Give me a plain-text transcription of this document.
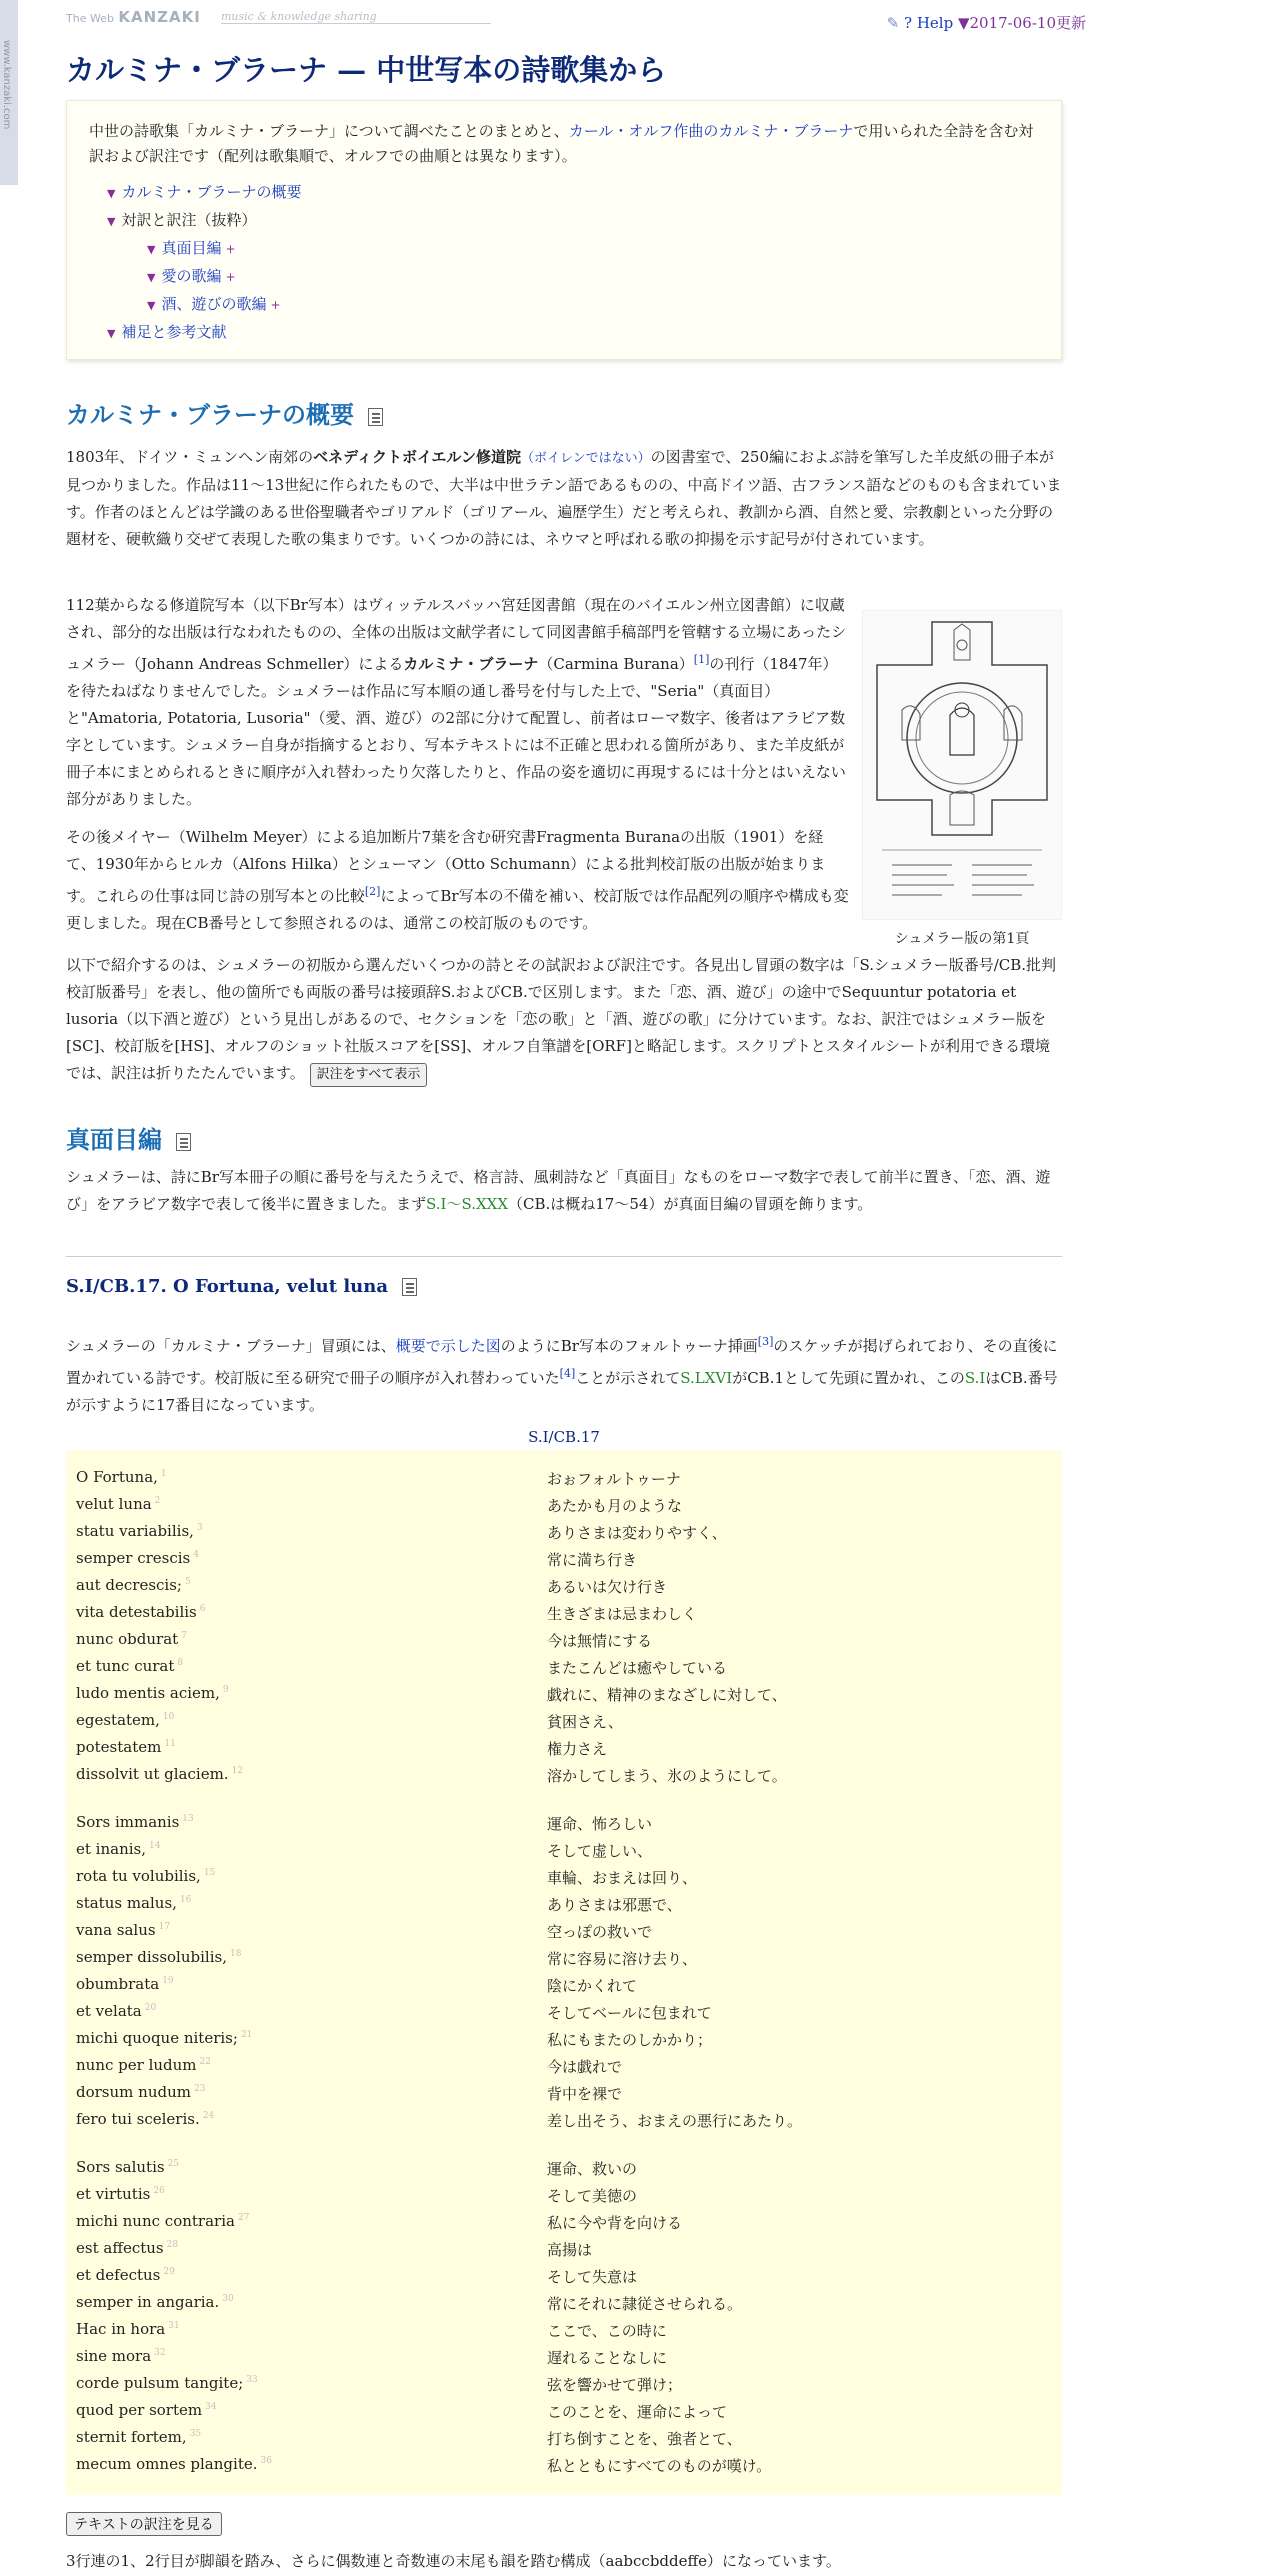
www.kanzaki.com
The Web KANZAKI music & knowledge sharing	✎ ? Help ▼2017-06-10更新
カルミナ・ブラーナ — 中世写本の詩歌集から

中世の詩歌集「カルミナ・ブラーナ」について調べたことのまとめと、カール・オルフ作曲のカルミナ・ブラーナで用いられた全詩を含む対訳および訳注です（配列は歌集順で、オルフでの曲順とは異なります）。

▼ カルミナ・ブラーナの概要
▼ 対訳と訳注（抜粋）
▼ 真面目編 +
▼ 愛の歌編 +
▼ 酒、遊びの歌編 +
▼ 補足と参考文献
カルミナ・ブラーナの概要

1803年、ドイツ・ミュンヘン南郊のベネディクトボイエルン修道院（ボイレンではない）の図書室で、250編におよぶ詩を筆写した羊皮紙の冊子本が見つかりました。作品は11～13世紀に作られたもので、大半は中世ラテン語であるものの、中高ドイツ語、古フランス語などのものも含まれています。作者のほとんどは学識のある世俗聖職者やゴリアルド（ゴリアール、遍歴学生）だと考えられ、教訓から酒、自然と愛、宗教劇といった分野の題材を、硬軟織り交ぜて表現した歌の集まりです。いくつかの詩には、ネウマと呼ばれる歌の抑揚を示す記号が付されています。

112葉からなる修道院写本（以下Br写本）はヴィッテルスバッハ宮廷図書館（現在のバイエルン州立図書館）に収蔵され、部分的な出版は行なわれたものの、全体の出版は文献学者にして同図書館手稿部門を管轄する立場にあったシュメラー（Johann Andreas Schmeller）によるカルミナ・ブラーナ（Carmina Burana）[1]の刊行（1847年）を待たねばなりませんでした。シュメラーは作品に写本順の通し番号を付与した上で、"Seria"（真面目）と"Amatoria, Potatoria, Lusoria"（愛、酒、遊び）の2部に分けて配置し、前者はローマ数字、後者はアラビア数字としています。シュメラー自身が指摘するとおり、写本テキストには不正確と思われる箇所があり、また羊皮紙が冊子本にまとめられるときに順序が入れ替わったり欠落したりと、作品の姿を適切に再現するには十分とはいえない部分がありました。

その後メイヤー（Wilhelm Meyer）による追加断片7葉を含む研究書Fragmenta Buranaの出版（1901）を経て、1930年からヒルカ（Alfons Hilka）とシューマン（Otto Schumann）による批判校訂版の出版が始まります。これらの仕事は同じ詩の別写本との比較[2]によってBr写本の不備を補い、校訂版では作品配列の順序や構成も変更しました。現在CB番号として参照されるのは、通常この校訂版のものです。

シュメラー版の第1頁

以下で紹介するのは、シュメラーの初版から選んだいくつかの詩とその試訳および訳注です。各見出し冒頭の数字は「S.シュメラー版番号/CB.批判校訂版番号」を表し、他の箇所でも両版の番号は接頭辞S.およびCB.で区別します。また「恋、酒、遊び」の途中でSequuntur potatoria et lusoria（以下酒と遊び）という見出しがあるので、セクションを「恋の歌」と「酒、遊びの歌」に分けています。なお、訳注ではシュメラー版を[SC]、校訂版を[HS]、オルフのショット社版スコアを[SS]、オルフ自筆譜を[ORF]と略記します。スクリプトとスタイルシートが利用できる環境では、訳注は折りたたんでいます。 訳注をすべて表示

真面目編

シュメラーは、詩にBr写本冊子の順に番号を与えたうえで、格言詩、風刺詩など「真面目」なものをローマ数字で表して前半に置き、「恋、酒、遊び」をアラビア数字で表して後半に置きました。まずS.I～S.XXX（CB.は概ね17～54）が真面目編の冒頭を飾ります。

S.I/CB.17. O Fortuna, velut luna

シュメラーの「カルミナ・ブラーナ」冒頭には、概要で示した図のようにBr写本のフォルトゥーナ挿画[3]のスケッチが掲げられており、その直後に置かれている詩です。校訂版に至る研究で冊子の順序が入れ替わっていた[4]ことが示されてS.LXVIがCB.1として先頭に置かれ、このS.IはCB.番号が示すように17番目になっています。

S.I/CB.17
O Fortuna, $^1$	おぉフォルトゥーナ
velut luna $^2$	あたかも月のような
statu variabilis, $^3$	ありさまは変わりやすく、
semper crescis $^4$	常に満ち行き
aut decrescis; $^5$	あるいは欠け行き
vita detestabilis $^6$	生きざまは忌まわしく
nunc obdurat $^7$	今は無情にする
et tunc curat $^8$	またこんどは癒やしている
ludo mentis aciem, $^9$	戯れに、精神のまなざしに対して、
egestatem, $^{10}$	貧困さえ、
potestatem $^{11}$	権力さえ
dissolvit ut glaciem. $^{12}$	溶かしてしまう、氷のようにして。
Sors immanis $^{13}$	運命、怖ろしい
et inanis, $^{14}$	そして虚しい、
rota tu volubilis, $^{15}$	車輪、おまえは回り、
status malus, $^{16}$	ありさまは邪悪で、
vana salus $^{17}$	空っぽの救いで
semper dissolubilis, $^{18}$	常に容易に溶け去り、
obumbrata $^{19}$	陰にかくれて
et velata $^{20}$	そしてベールに包まれて
michi quoque niteris; $^{21}$	私にもまたのしかかり；
nunc per ludum $^{22}$	今は戯れで
dorsum nudum $^{23}$	背中を裸で
fero tui sceleris. $^{24}$	差し出そう、おまえの悪行にあたり。
Sors salutis $^{25}$	運命、救いの
et virtutis $^{26}$	そして美徳の
michi nunc contraria $^{27}$	私に今や背を向ける
est affectus $^{28}$	高揚は
et defectus $^{29}$	そして失意は
semper in angaria. $^{30}$	常にそれに隷従させられる。
Hac in hora $^{31}$	ここで、この時に
sine mora $^{32}$	遅れることなしに
corde pulsum tangite; $^{33}$	弦を響かせて弾け；
quod per sortem $^{34}$	このことを、運命によって
sternit fortem, $^{35}$	打ち倒すことを、強者とて、
mecum omnes plangite. $^{36}$	私とともにすべてのものが嘆け。
テキストの訳注を見る
3行連の1、2行目が脚韻を踏み、さらに偶数連と奇数連の末尾も韻を踏む構成（aabccbddeffe）になっています。
